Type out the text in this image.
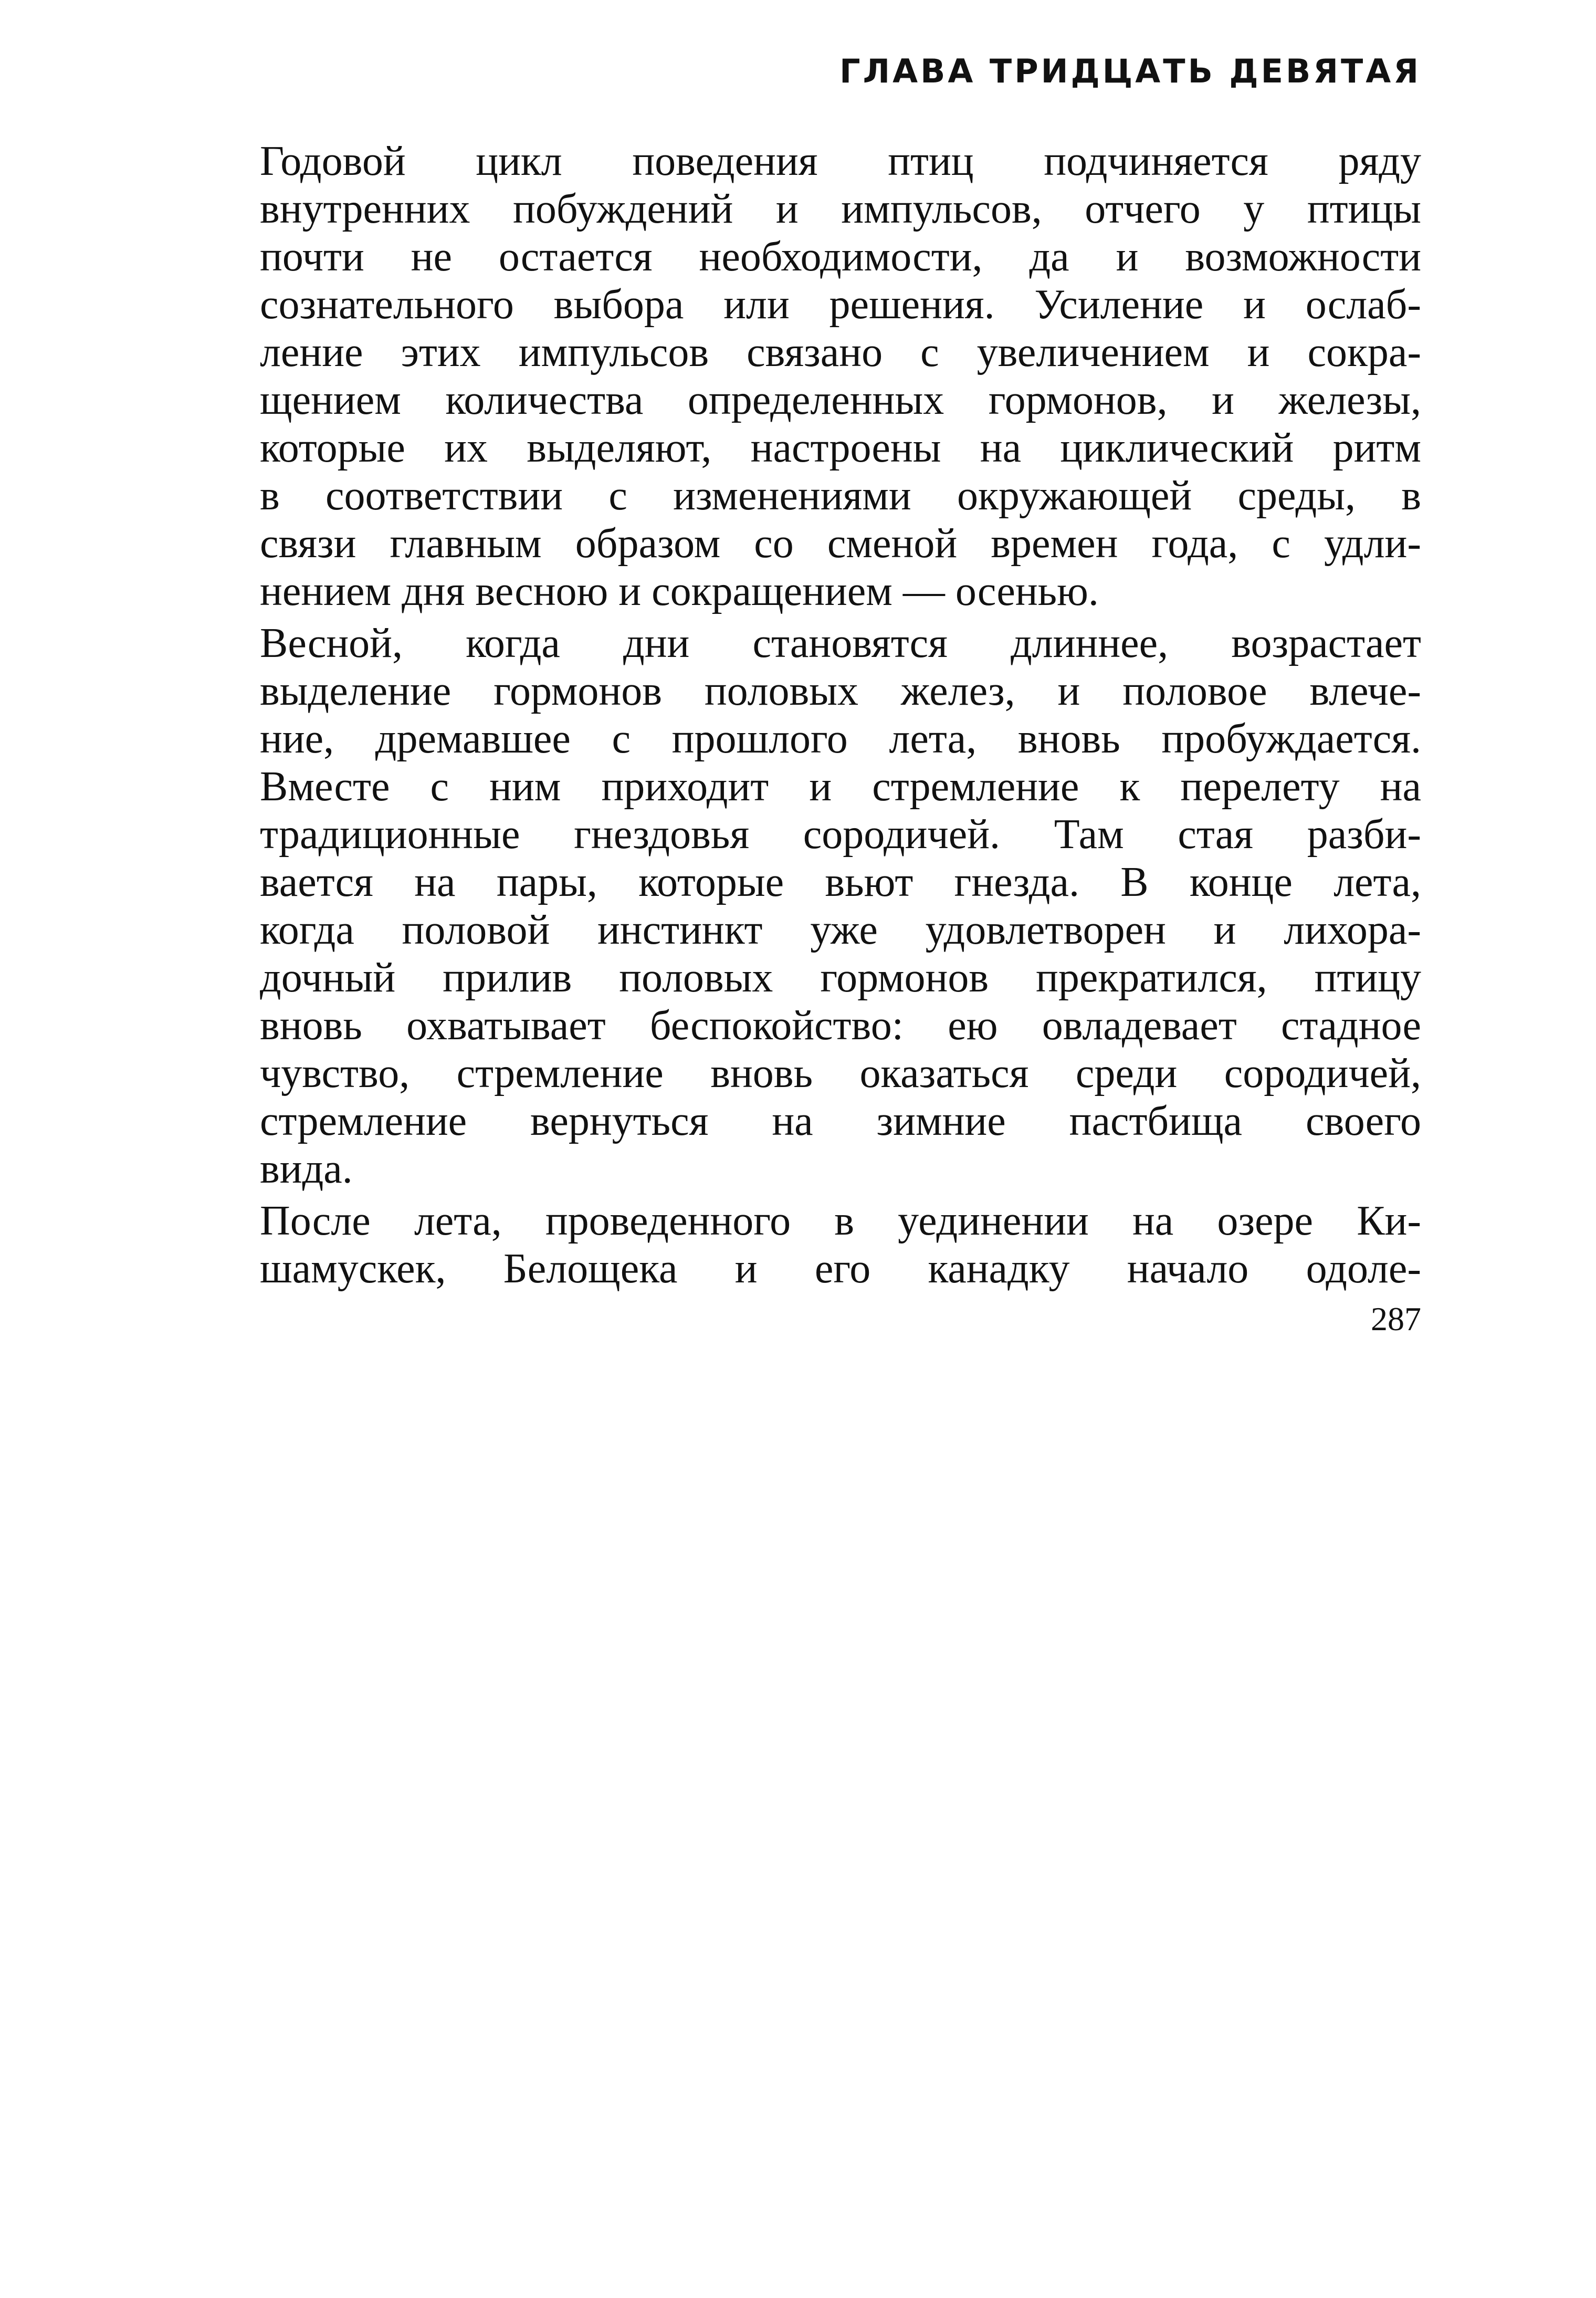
ГЛАВА ТРИДЦАТЬ ДЕВЯТАЯ

Годовой цикл поведения птиц подчиняется ряду
внутренних побуждений и импульсов, отчего у птицы
почти не остается необходимости, да и возможности
сознательного выбора или решения. Усиление и ослаб-
ление этих импульсов связано с увеличением и сокра-
щением количества определенных гормонов, и железы,
которые их выделяют, настроены на циклический ритм
в соответствии с изменениями окружающей среды, в
связи главным образом со сменой времен года, с удли-
нением дня весною и сокращением — осенью.

Весной, когда дни становятся длиннее, возрастает
выделение гормонов половых желез, и половое влече-
ние, дремавшее с прошлого лета, вновь пробуждается.
Вместе с ним приходит и стремление к перелету на
традиционные гнездовья сородичей. Там стая разби-
вается на пары, которые вьют гнезда. В конце лета,
когда половой инстинкт уже удовлетворен и лихора-
дочный прилив половых гормонов прекратился, птицу
вновь охватывает беспокойство: ею овладевает стадное
чувство, стремление вновь оказаться среди сородичей,
стремление вернуться на зимние пастбища своего
вида.

После лета, проведенного в уединении на озере Ки-
шамускек, Белощека и его канадку начало одоле-

287
